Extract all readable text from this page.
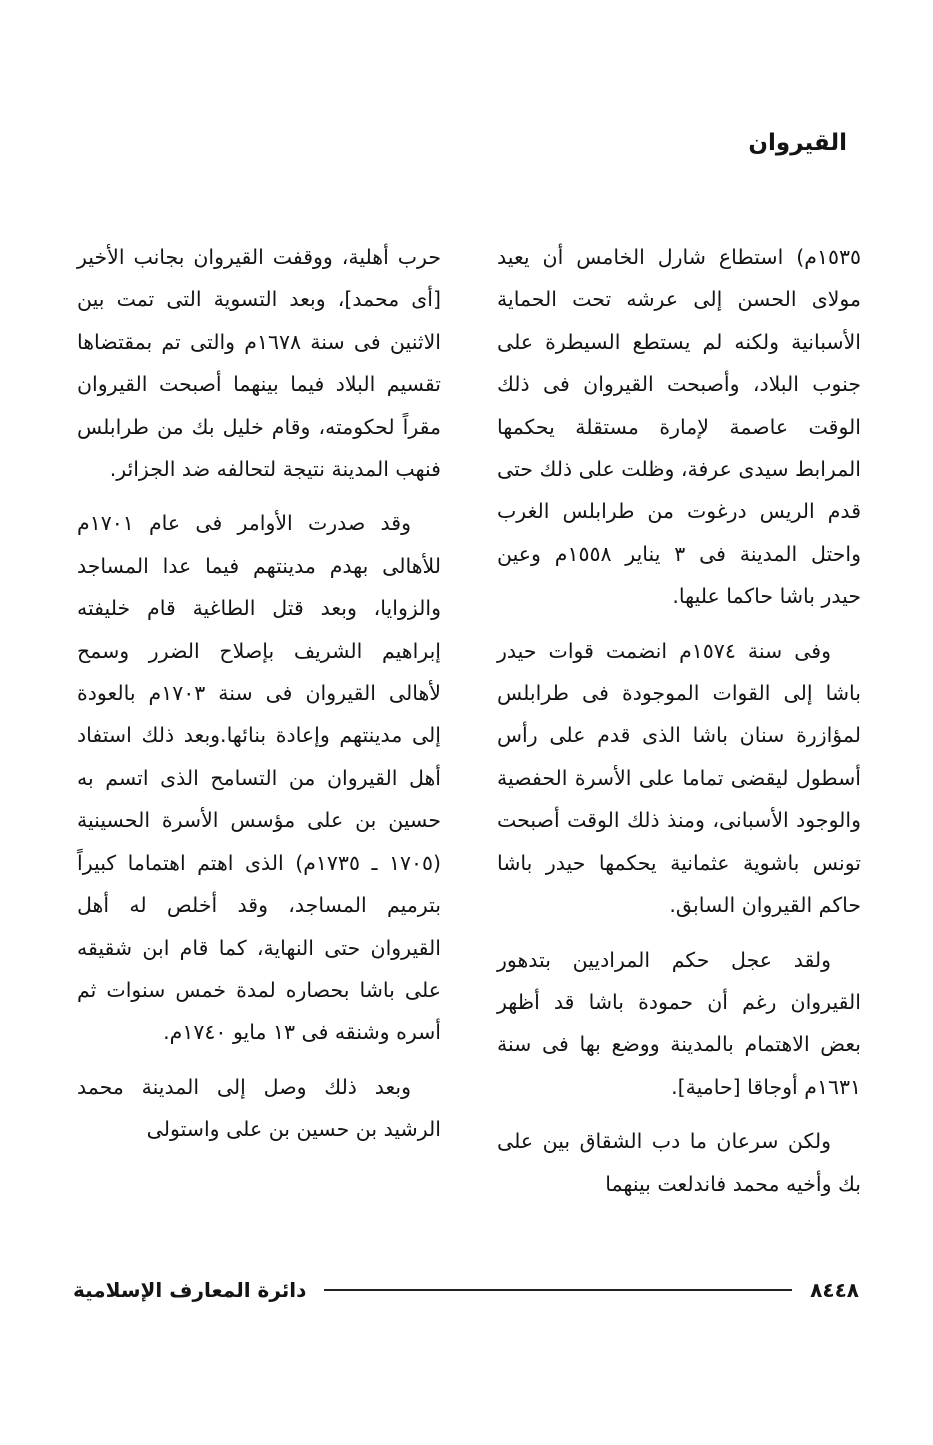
القيروان

١٥٣٥م) استطاع شارل الخامس أن يعيد مولاى الحسن إلى عرشه تحت الحماية الأسبانية ولكنه لم يستطع السيطرة على جنوب البلاد، وأصبحت القيروان فى ذلك الوقت عاصمة لإمارة مستقلة يحكمها المرابط سيدى عرفة، وظلت على ذلك حتى قدم الريس درغوت من طرابلس الغرب واحتل المدينة فى ٣ يناير ١٥٥٨م وعين حيدر باشا حاكما عليها.

وفى سنة ١٥٧٤م انضمت قوات حيدر باشا إلى القوات الموجودة فى طرابلس لمؤازرة سنان باشا الذى قدم على رأس أسطول ليقضى تماما على الأسرة الحفصية والوجود الأسبانى، ومنذ ذلك الوقت أصبحت تونس باشوية عثمانية يحكمها حيدر باشا حاكم القيروان السابق.

ولقد عجل حكم المراديين بتدهور القيروان رغم أن حمودة باشا قد أظهر بعض الاهتمام بالمدينة ووضع بها فى سنة ١٦٣١م أوجاقا [حامية].

ولكن سرعان ما دب الشقاق بين على بك وأخيه محمد فاندلعت بينهما

حرب أهلية، ووقفت القيروان بجانب الأخير [أى محمد]، وبعد التسوية التى تمت بين الاثنين فى سنة ١٦٧٨م والتى تم بمقتضاها تقسيم البلاد فيما بينهما أصبحت القيروان مقراً لحكومته، وقام خليل بك من طرابلس فنهب المدينة نتيجة لتحالفه ضد الجزائر.

وقد صدرت الأوامر فى عام ١٧٠١م للأهالى بهدم مدينتهم فيما عدا المساجد والزوايا، وبعد قتل الطاغية قام خليفته إبراهيم الشريف بإصلاح الضرر وسمح لأهالى القيروان فى سنة ١٧٠٣م بالعودة إلى مدينتهم وإعادة بنائها.وبعد ذلك استفاد أهل القيروان من التسامح الذى اتسم به حسين بن على مؤسس الأسرة الحسينية (١٧٠٥ ـ ١٧٣٥م) الذى اهتم اهتماما كبيراً بترميم المساجد، وقد أخلص له أهل القيروان حتى النهاية، كما قام ابن شقيقه على باشا بحصاره لمدة خمس سنوات ثم أسره وشنقه فى ١٣ مايو ١٧٤٠م.

وبعد ذلك وصل إلى المدينة محمد الرشيد بن حسين بن على واستولى

٨٤٤٨
دائرة المعارف الإسلامية
